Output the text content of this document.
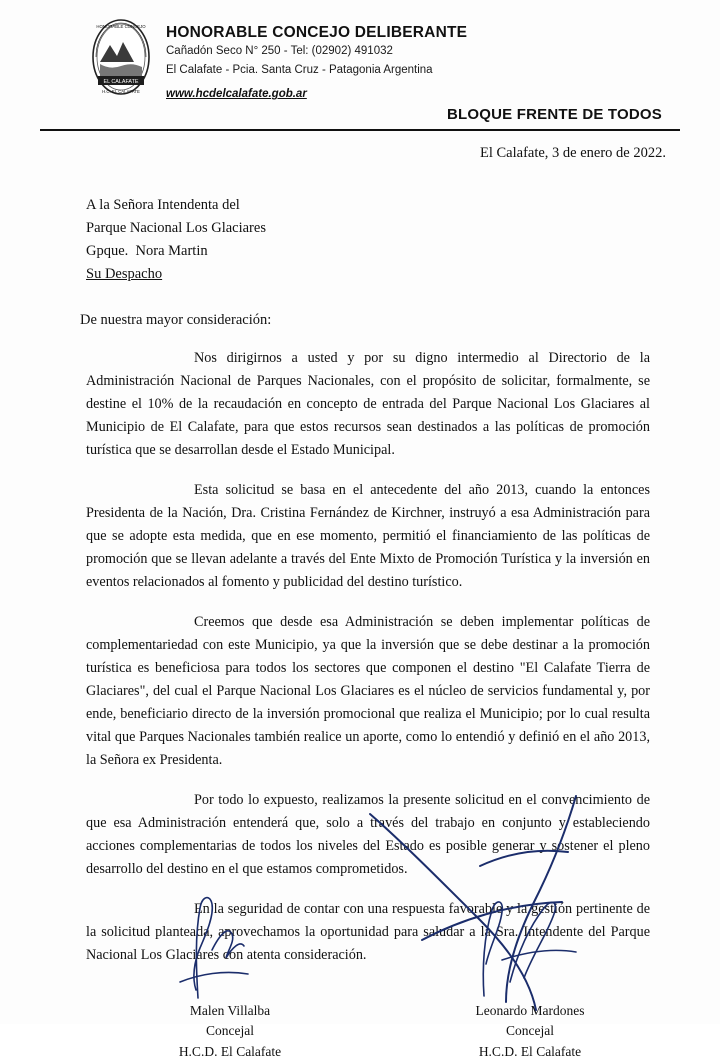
EL CALAFATE
HONORABLE CONCEJO
H.C. EL CALAFATE
HONORABLE CONCEJO DELIBERANTE
Cañadón Seco N° 250 - Tel: (02902) 491032
El Calafate - Pcia. Santa Cruz - Patagonia Argentina
www.hcdelcalafate.gob.ar
BLOQUE FRENTE DE TODOS
El Calafate, 3 de enero de 2022.
A la Señora Intendenta del
Parque Nacional Los Glaciares
Gpque.  Nora Martin
Su Despacho
De nuestra mayor consideración:

Nos dirigirnos a usted y por su digno intermedio al Directorio de la Administración Nacional de Parques Nacionales, con el propósito de solicitar, formalmente, se destine el 10% de la recaudación en concepto de entrada del Parque Nacional Los Glaciares al Municipio de El Calafate, para que estos recursos sean destinados a las políticas de promoción turística que se desarrollan desde el Estado Municipal.

Esta solicitud se basa en el antecedente del año 2013, cuando la entonces Presidenta de la Nación, Dra. Cristina Fernández de Kirchner, instruyó a esa Administración para que se adopte esta medida, que en ese momento, permitió el financiamiento de las políticas de promoción que se llevan adelante a través del Ente Mixto de Promoción Turística y la inversión en eventos relacionados al fomento y publicidad del destino turístico.

Creemos que desde esa Administración se deben implementar políticas de complementariedad con este Municipio, ya que la inversión que se debe destinar a la promoción turística es beneficiosa para todos los sectores que componen el destino "El Calafate Tierra de Glaciares", del cual el Parque Nacional Los Glaciares es el núcleo de servicios fundamental y, por ende, beneficiario directo de la inversión promocional que realiza el Municipio; por lo cual resulta vital que Parques Nacionales también realice un aporte, como lo entendió y definió en el año 2013, la Señora ex Presidenta.

Por todo lo expuesto, realizamos la presente solicitud en el convencimiento de que esa Administración entenderá que, solo a través del trabajo en conjunto y estableciendo acciones complementarias de todos los niveles del Estado es posible generar y sostener el pleno desarrollo del destino en el que estamos comprometidos.

En la seguridad de contar con una respuesta favorable y la gestión pertinente de la solicitud planteada, aprovechamos la oportunidad para saludar a la Sra. Intendente del Parque Nacional Los Glaciares con atenta consideración.

Malen Villalba
Concejal
H.C.D. El Calafate
Leonardo Mardones
Concejal
H.C.D. El Calafate
